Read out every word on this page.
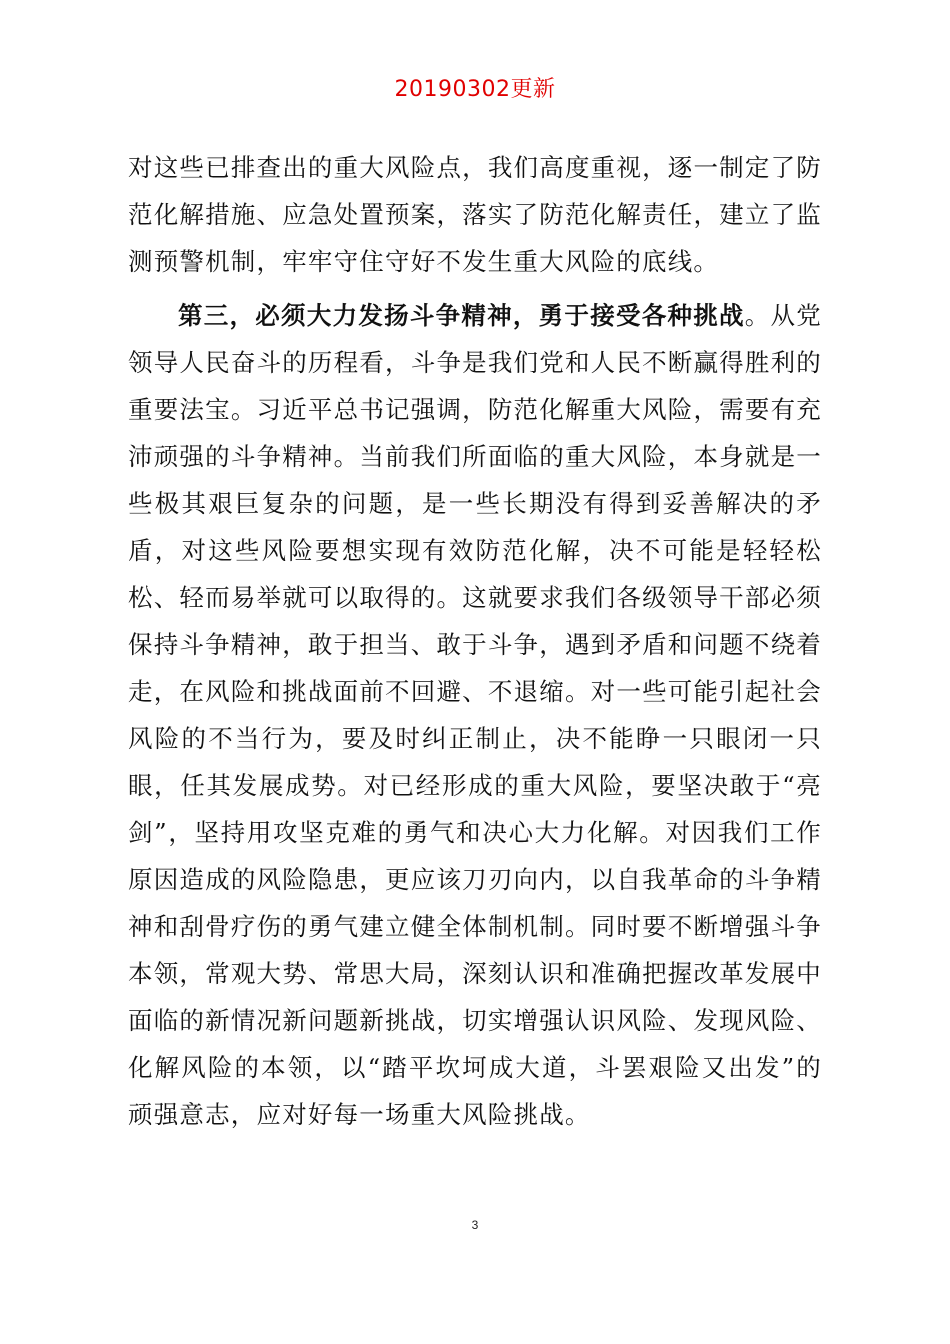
20190302更新

对这些已排查出的重大风险点，我们高度重视，逐一制定了防范化解措施、应急处置预案，落实了防范化解责任，建立了监测预警机制，牢牢守住守好不发生重大风险的底线。

第三，必须大力发扬斗争精神，勇于接受各种挑战。从党领导人民奋斗的历程看，斗争是我们党和人民不断赢得胜利的重要法宝。习近平总书记强调，防范化解重大风险，需要有充沛顽强的斗争精神。当前我们所面临的重大风险，本身就是一些极其艰巨复杂的问题，是一些长期没有得到妥善解决的矛盾，对这些风险要想实现有效防范化解，决不可能是轻轻松松、轻而易举就可以取得的。这就要求我们各级领导干部必须保持斗争精神，敢于担当、敢于斗争，遇到矛盾和问题不绕着走，在风险和挑战面前不回避、不退缩。对一些可能引起社会风险的不当行为，要及时纠正制止，决不能睁一只眼闭一只眼，任其发展成势。对已经形成的重大风险，要坚决敢于“亮剑”，坚持用攻坚克难的勇气和决心大力化解。对因我们工作原因造成的风险隐患，更应该刀刃向内，以自我革命的斗争精神和刮骨疗伤的勇气建立健全体制机制。同时要不断增强斗争本领，常观大势、常思大局，深刻认识和准确把握改革发展中面临的新情况新问题新挑战，切实增强认识风险、发现风险、化解风险的本领，以“踏平坎坷成大道，斗罢艰险又出发”的顽强意志，应对好每一场重大风险挑战。

3
